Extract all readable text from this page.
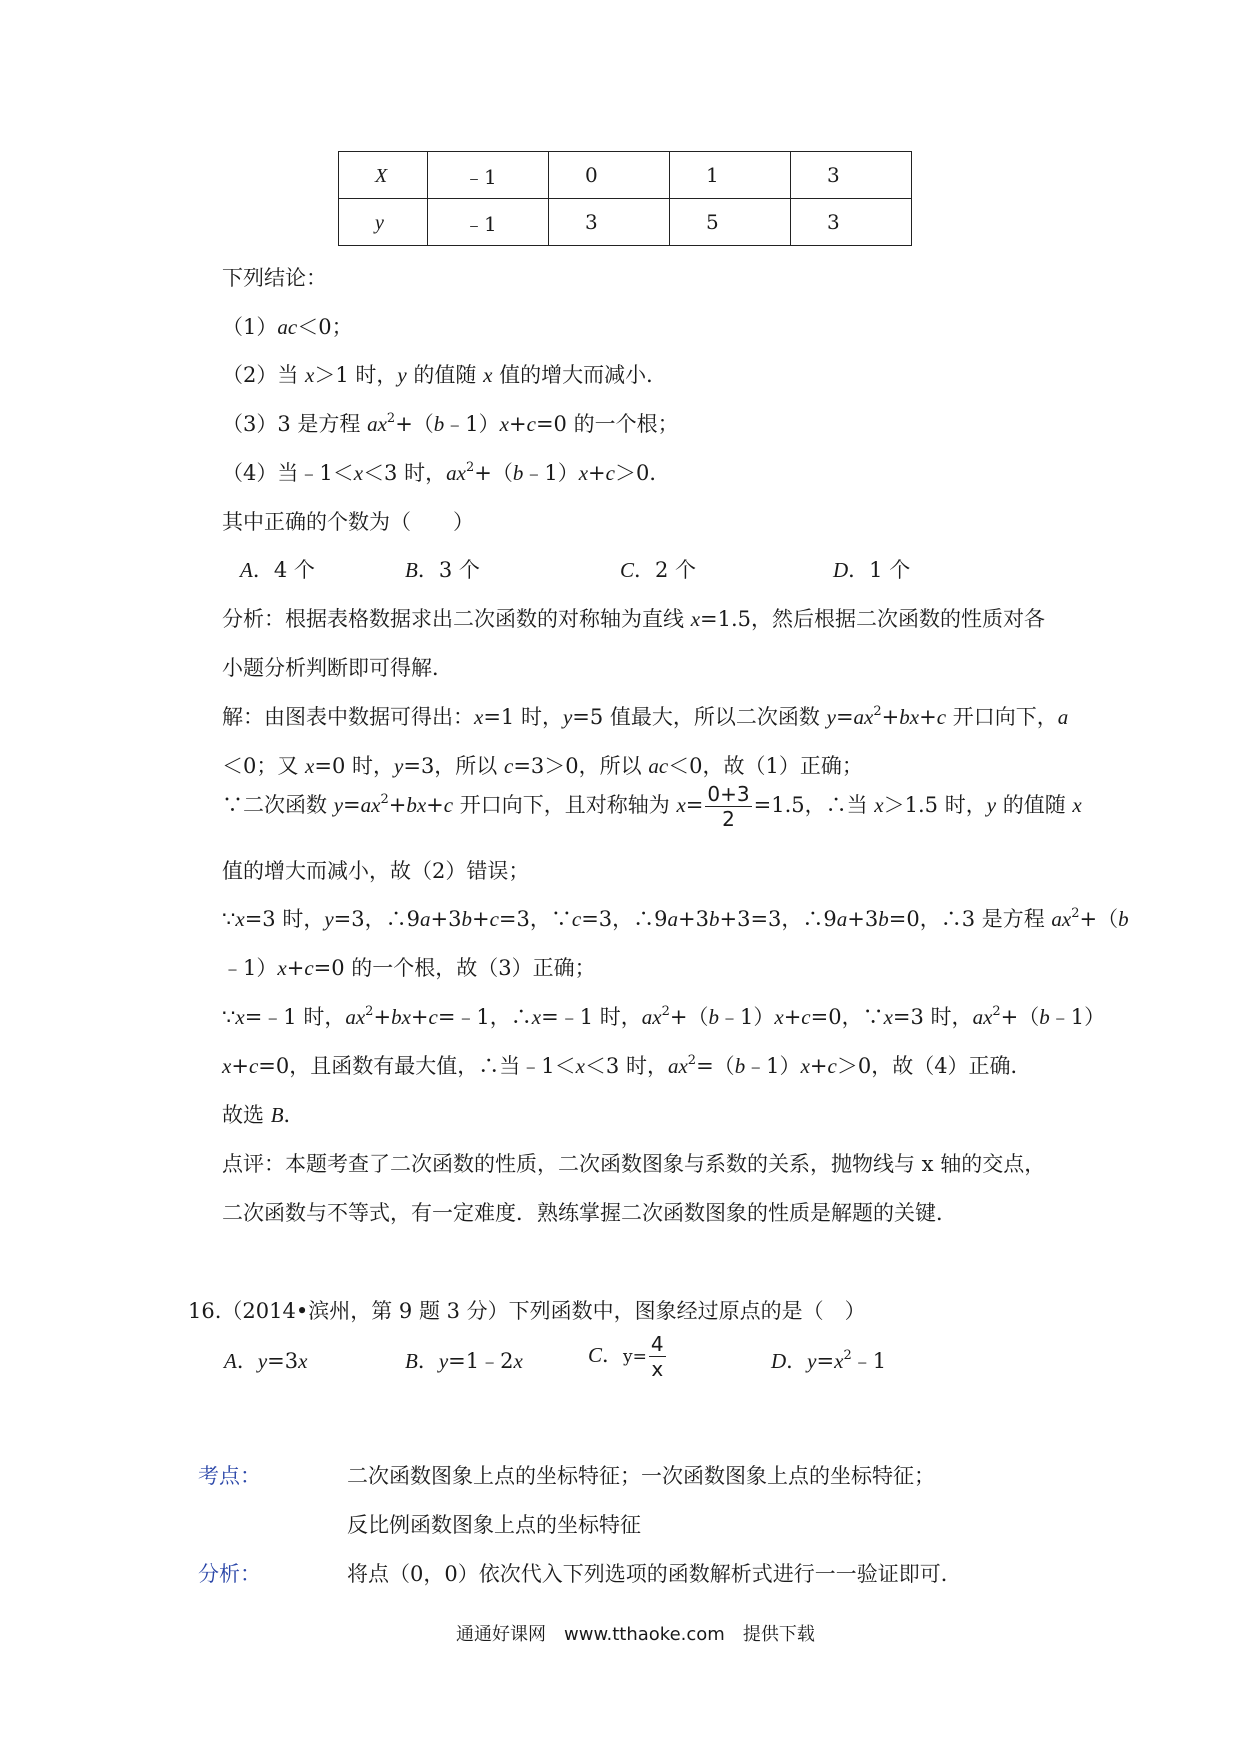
X	﹣1	0	1	3
y	﹣1	3	5	3
下列结论：
（1）ac＜0；
（2）当 x＞1 时，y 的值随 x 值的增大而减小．
（3）3 是方程 $ax^2+(b﹣1)x+c=0$ 的一个根；
（4）当﹣1＜x＜3 时，$ax^2+(b﹣1)x+c>0$．
其中正确的个数为（　　）
A．4 个	B．3 个	C．2 个	D．1 个
分析：根据表格数据求出二次函数的对称轴为直线 x=1.5，然后根据二次函数的性质对各
小题分析判断即可得解．
解：由图表中数据可得出：x=1 时，y=5 值最大，所以二次函数 $y=ax^2+bx+c$ 开口向下，a
＜0；又 x=0 时，y=3，所以 c=3＞0，所以 ac＜0，故（1）正确；
∵二次函数 $y=ax^2+bx+c$ 开口向下，且对称轴为 $x= \frac{0+3}{2} =1.5$，∴当 x＞1.5 时，y 的值随 x
值的增大而减小，故（2）错误；
∵x=3 时，y=3，∴9a+3b+c=3，∵c=3，∴9a+3b+3=3，∴9a+3b=0，∴3 是方程 $ax^2+(b$
﹣1）x+c=0 的一个根，故（3）正确；
∵x=﹣1 时，$ax^2+bx+c=﹣1$，∴x=﹣1 时，$ax^2+(b﹣1)x+c=0$，∵x=3 时，$ax^2+(b﹣1)$
x+c=0，且函数有最大值，∴当﹣1＜x＜3 时，$ax^2=(b﹣1)x+c>0$，故（4）正确．
故选 B．
点评：本题考查了二次函数的性质，二次函数图象与系数的关系，抛物线与 x 轴的交点，
二次函数与不等式，有一定难度．熟练掌握二次函数图象的性质是解题的关键．
16.（2014•滨州，第 9 题 3 分）下列函数中，图象经过原点的是（　）
A．y=3x	B．y=1﹣2x	C．$y= \frac{4}{x}$	D．$y=x^2﹣1$
考点：	二次函数图象上点的坐标特征；一次函数图象上点的坐标特征；
反比例函数图象上点的坐标特征
分析：	将点（0，0）依次代入下列选项的函数解析式进行一一验证即可．
通通好课网　www.tthaoke.com　提供下载
